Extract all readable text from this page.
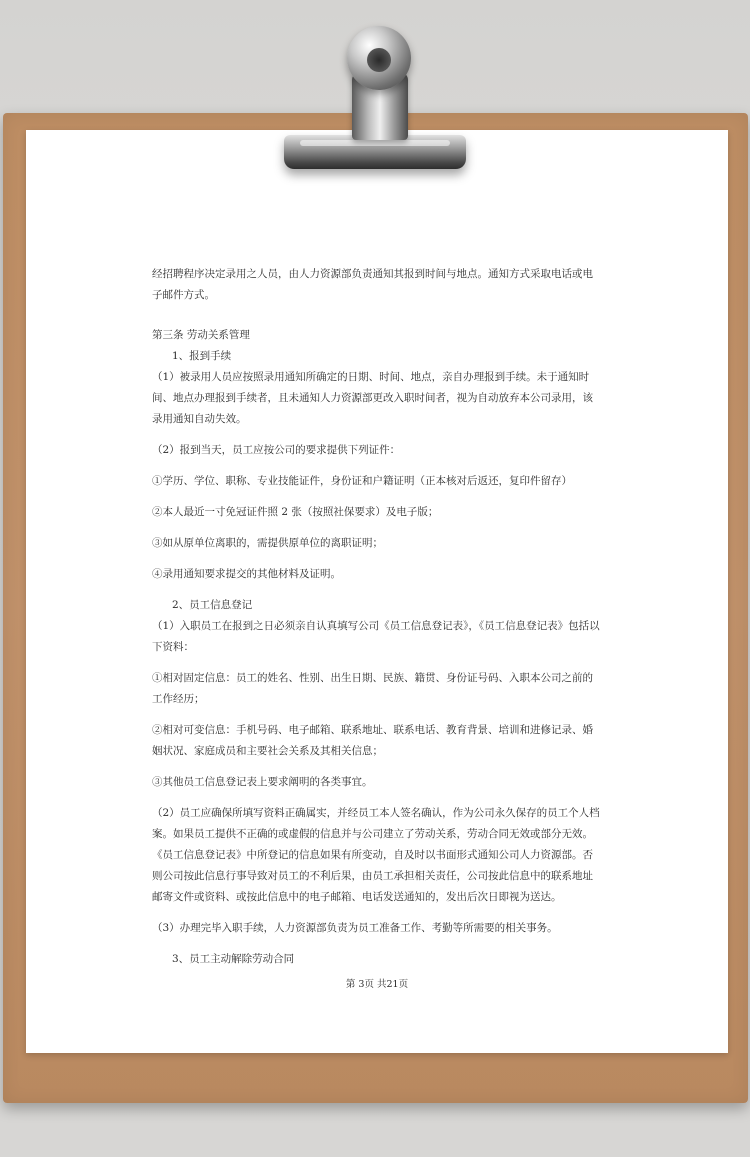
经招聘程序决定录用之人员，由人力资源部负责通知其报到时间与地点。通知方式采取电话或电子邮件方式。

第三条 劳动关系管理

1、报到手续

（1）被录用人员应按照录用通知所确定的日期、时间、地点，亲自办理报到手续。未于通知时间、地点办理报到手续者，且未通知人力资源部更改入职时间者，视为自动放弃本公司录用，该录用通知自动失效。

（2）报到当天，员工应按公司的要求提供下列证件：

①学历、学位、职称、专业技能证件，身份证和户籍证明（正本核对后返还，复印件留存）

②本人最近一寸免冠证件照 2 张（按照社保要求）及电子版；

③如从原单位离职的，需提供原单位的离职证明；

④录用通知要求提交的其他材料及证明。

2、员工信息登记

（1）入职员工在报到之日必须亲自认真填写公司《员工信息登记表》，《员工信息登记表》包括以下资料：

①相对固定信息：员工的姓名、性别、出生日期、民族、籍贯、身份证号码、入职本公司之前的工作经历；

②相对可变信息：手机号码、电子邮箱、联系地址、联系电话、教育背景、培训和进修记录、婚姻状况、家庭成员和主要社会关系及其相关信息；

③其他员工信息登记表上要求阐明的各类事宜。

（2）员工应确保所填写资料正确属实，并经员工本人签名确认，作为公司永久保存的员工个人档案。如果员工提供不正确的或虚假的信息并与公司建立了劳动关系，劳动合同无效或部分无效。《员工信息登记表》中所登记的信息如果有所变动，自及时以书面形式通知公司人力资源部。否则公司按此信息行事导致对员工的不利后果，由员工承担相关责任，公司按此信息中的联系地址邮寄文件或资料、或按此信息中的电子邮箱、电话发送通知的，发出后次日即视为送达。

（3）办理完毕入职手续，人力资源部负责为员工准备工作、考勤等所需要的相关事务。

3、员工主动解除劳动合同

第 3页 共21页
